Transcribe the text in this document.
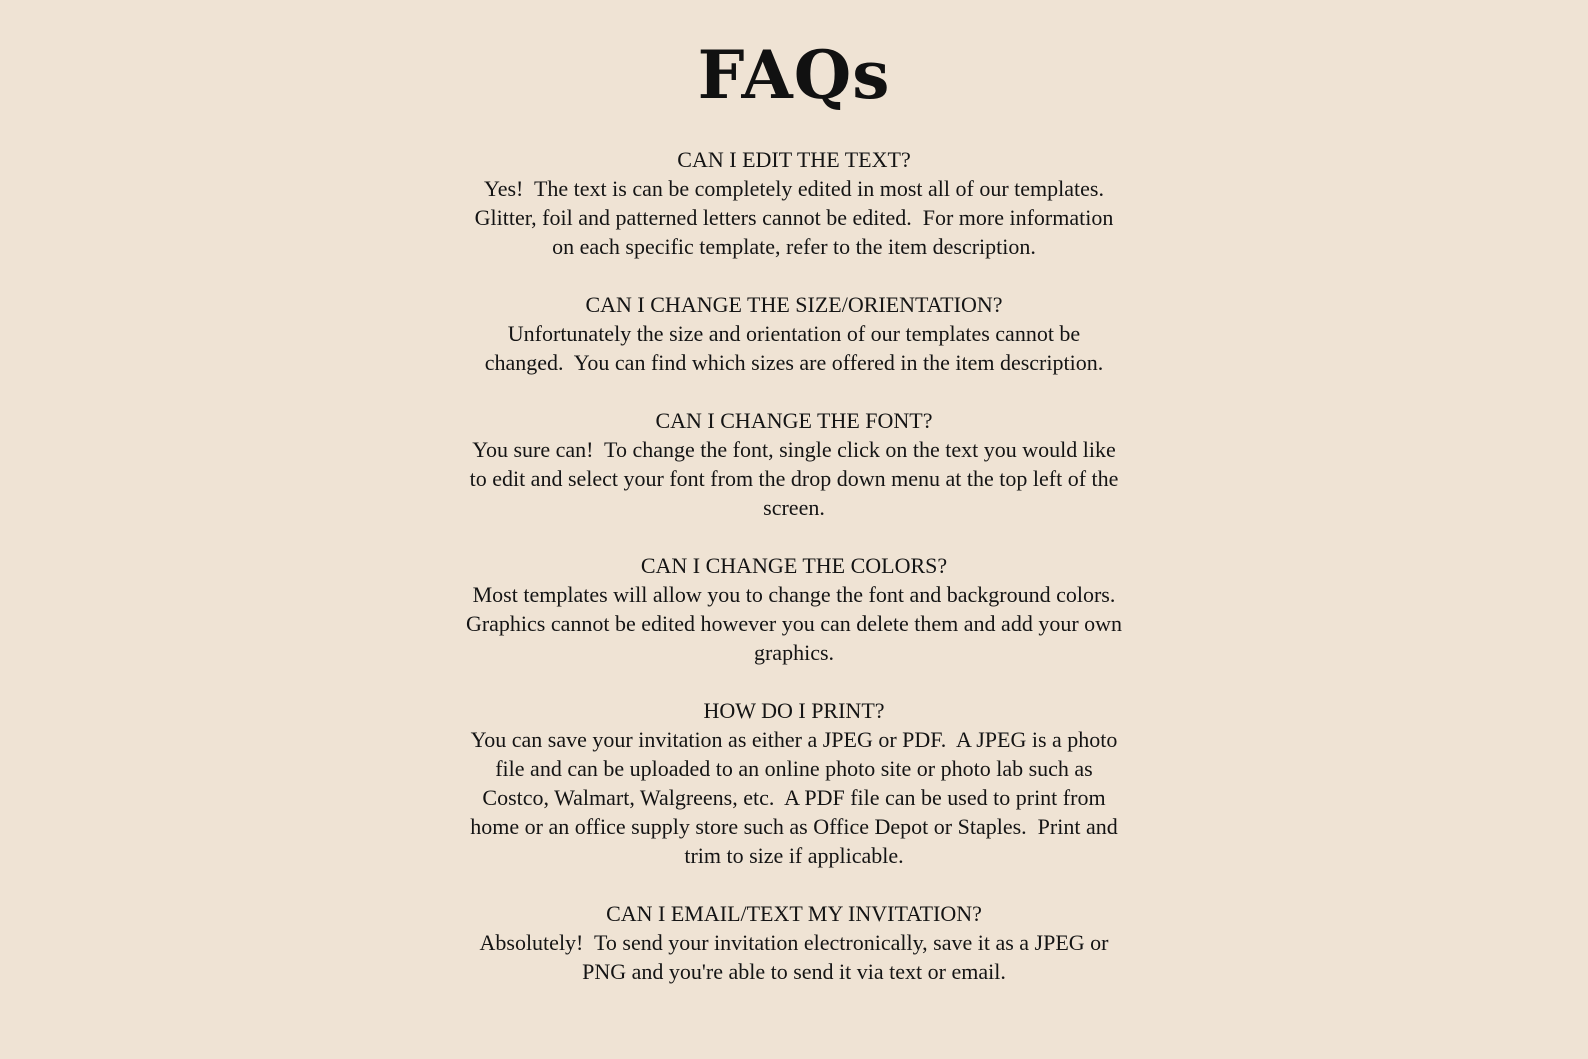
FAQs

CAN I EDIT THE TEXT?

Yes!  The text is can be completely edited in most all of our templates.
Glitter, foil and patterned letters cannot be edited.  For more information
on each specific template, refer to the item description.

CAN I CHANGE THE SIZE/ORIENTATION?

Unfortunately the size and orientation of our templates cannot be
changed.  You can find which sizes are offered in the item description.

CAN I CHANGE THE FONT?

You sure can!  To change the font, single click on the text you would like
to edit and select your font from the drop down menu at the top left of the
screen.

CAN I CHANGE THE COLORS?

Most templates will allow you to change the font and background colors.
Graphics cannot be edited however you can delete them and add your own
graphics.

HOW DO I PRINT?

You can save your invitation as either a JPEG or PDF.  A JPEG is a photo
file and can be uploaded to an online photo site or photo lab such as
Costco, Walmart, Walgreens, etc.  A PDF file can be used to print from
home or an office supply store such as Office Depot or Staples.  Print and
trim to size if applicable.

CAN I EMAIL/TEXT MY INVITATION?

Absolutely!  To send your invitation electronically, save it as a JPEG or
PNG and you're able to send it via text or email.
